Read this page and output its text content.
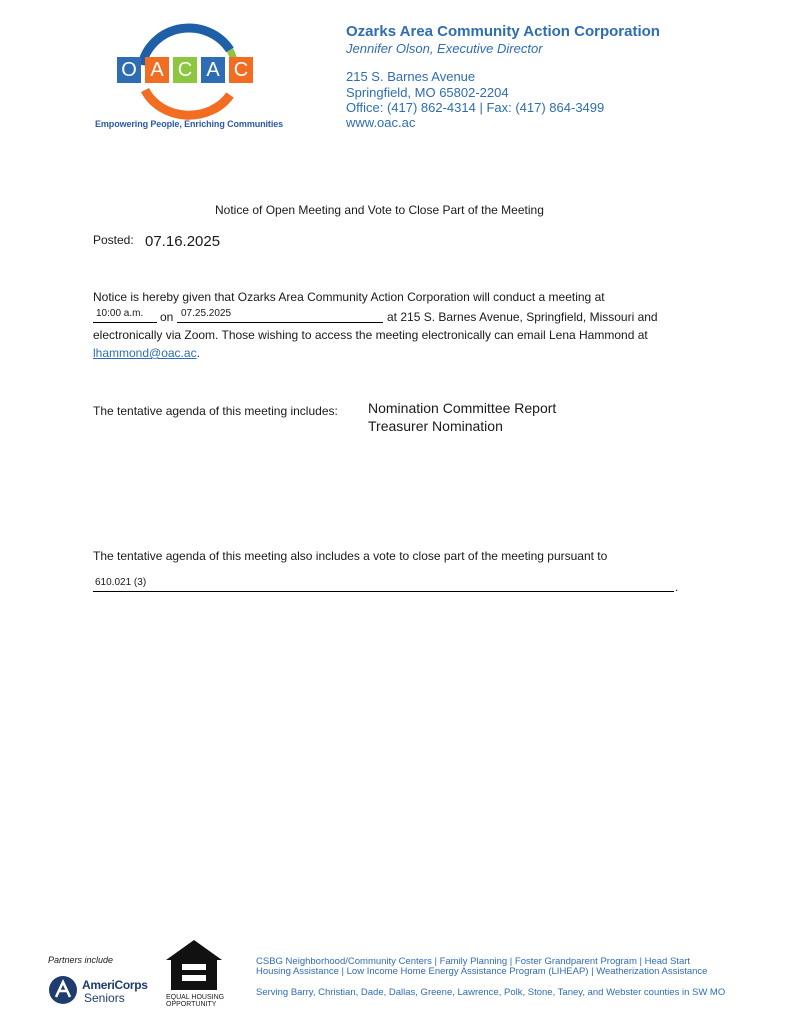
O A C A C
Empowering People, Enriching Communities
Ozarks Area Community Action Corporation
Jennifer Olson, Executive Director
215 S. Barnes Avenue
Springfield, MO 65802-2204
Office: (417) 862-4314 | Fax: (417) 864-3499
www.oac.ac
Notice of Open Meeting and Vote to Close Part of the Meeting
Posted: 07.16.2025
Notice is hereby given that Ozarks Area Community Action Corporation will conduct a meeting at
10:00 a.m. on 07.25.2025	at 215 S. Barnes Avenue, Springfield, Missouri and
electronically via Zoom. Those wishing to access the meeting electronically can email Lena Hammond at
lhammond@oac.ac.
The tentative agenda of this meeting includes: Nomination Committee Report
Treasurer Nomination
The tentative agenda of this meeting also includes a vote to close part of the meeting pursuant to
610.021 (3)	.
Partners include
AmeriCorps
Seniors	EQUAL HOUSING
OPPORTUNITY
CSBG Neighborhood/Community Centers | Family Planning | Foster Grandparent Program | Head Start
Housing Assistance | Low Income Home Energy Assistance Program (LIHEAP) | Weatherization Assistance
Serving Barry, Christian, Dade, Dallas, Greene, Lawrence, Polk, Stone, Taney, and Webster counties in SW MO
